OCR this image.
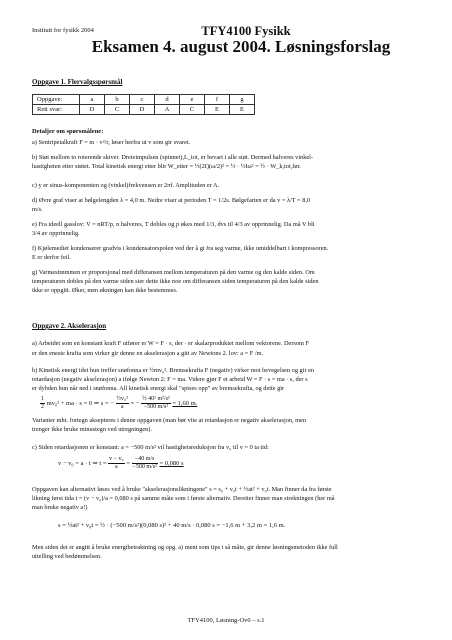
Institutt for fysikk 2004	TFY4100 Fysikk
Eksamen 4. august 2004. Løsningsforslag
Oppgave 1. Flervalgsspørsmål
Oppgave:	a	b	c	d	e	f	g
Rett svar:	D	C	D	A	C	E	E
Detaljer om spørsmålene:
a) Sentripetalkraft F = m · v²/r, løser herfra ut v som gir svaret.
b) Støt mellom to roterende skiver. Dreieimpulsen (spinnet),L_tot, er bevart i alle støt. Dermed halveres vinkel-
hastigheten etter støtet. Total kinetisk energi etter blir W_etter = ½(2I)(ω/2)² = ½ · ½Iω² = ½ · W_k,tot,før.
c) y er sinus-komponenten og (vinkel)frekvensen er 2πf. Amplituden er A.
d) Øvre graf viser at bølgelengden λ = 4,0 m. Nedre viser at perioden T = 1/2s. Bølgefarten er da v = λ/T = 8,0
m/s.
e) Fra ideell gasslov: V = nRT/p, n halveres, T dobles og p økes med 1/3, dvs til 4/3 av opprinnelig. Da må V bli
3/4 av opprinnelig.
f) Kjølemediet kondenserer gradvis i kondensatorspolen ved der å gi fra seg varme, ikke umiddelbart i kompressoren.
E er derfor feil.
g) Varmestrømmen er proporsjonal med differansen mellom temperaturen på den varme og den kalde siden. Om
temperaturen dobles på den varme siden sier dette ikke noe om differansen siden temperaturen på den kalde siden
ikke er oppgitt. Øker, men økningen kan ikke bestemmes.
Oppgave 2. Akselerasjon
a) Arbeidet som en konstant kraft F utfører er W = F · s, der · er skalarproduktet mellom vektorene. Dersom F
er den eneste krafta som virker gir denne en akselerasjon a gitt av Newtons 2. lov: a = F /m.
b) Kinetisk energi idet hun treffer snøfonna er ½mv₀². Bremsekrafta F (negativ) virker mot bevegelsen og gir en
retardasjon (negativ akselerasjon) a ifølge Newton 2: F = ma. Videre gjør F et arbeid W = F · s = ma · s, der s
er dybden hun når ned i snøfonna. All kinetisk energi skal "spises opp" av bremsekrafta, og dette gir
$\frac{1}{2} mv_0^2$ + ma · s = 0 ⇒ s = − $\frac{\text{½v₀²}}{a}$ = − $\frac{\text{½ 40² m²/s²}}{\text{−500 m/s²}} = 1,60$ m.
Varianter mht. fortegn aksepteres i denne oppgaven (man bør vite at retardasjon er negativ akselerasjon, men
trenger ikke bruke minustegn ved utregningen).
c) Siden retardasjonen er konstant: a = −500 m/s² vil hastighetsreduksjon fra v₀ til v = 0 ta tid:
v − v₀ = a · t ⇒ $t = \frac{\text{v − v₀}}{a} = \frac{-40 m/s}{\text{−500 m/s²}} = 0,080$ s
Oppgaven kan alternativt løses ved å bruke "akselerasjonslikningene" s = s₀ + v₀t + ½at² + v₀t. Man finner da fra første
likning først tida t = (v − v₀)/a = 0,080 s på samme måte som i første alternativ. Deretter finner man strekningen (her må
man bruke negativ a!)
s = ½at² + v₀t = ½ · (−500 m/s²)(0,080 s)² + 40 m/s · 0,080 s = −1,6 m + 3,2 m = 1,6 m.
Men siden det er angitt å bruke energibetraktning og opg. a) ment som tips i så måte, gir denne løsningsmetoden ikke full
uttelling ved bedømmelsen.
TFY4100, Løsning-Ov0 – s.1
